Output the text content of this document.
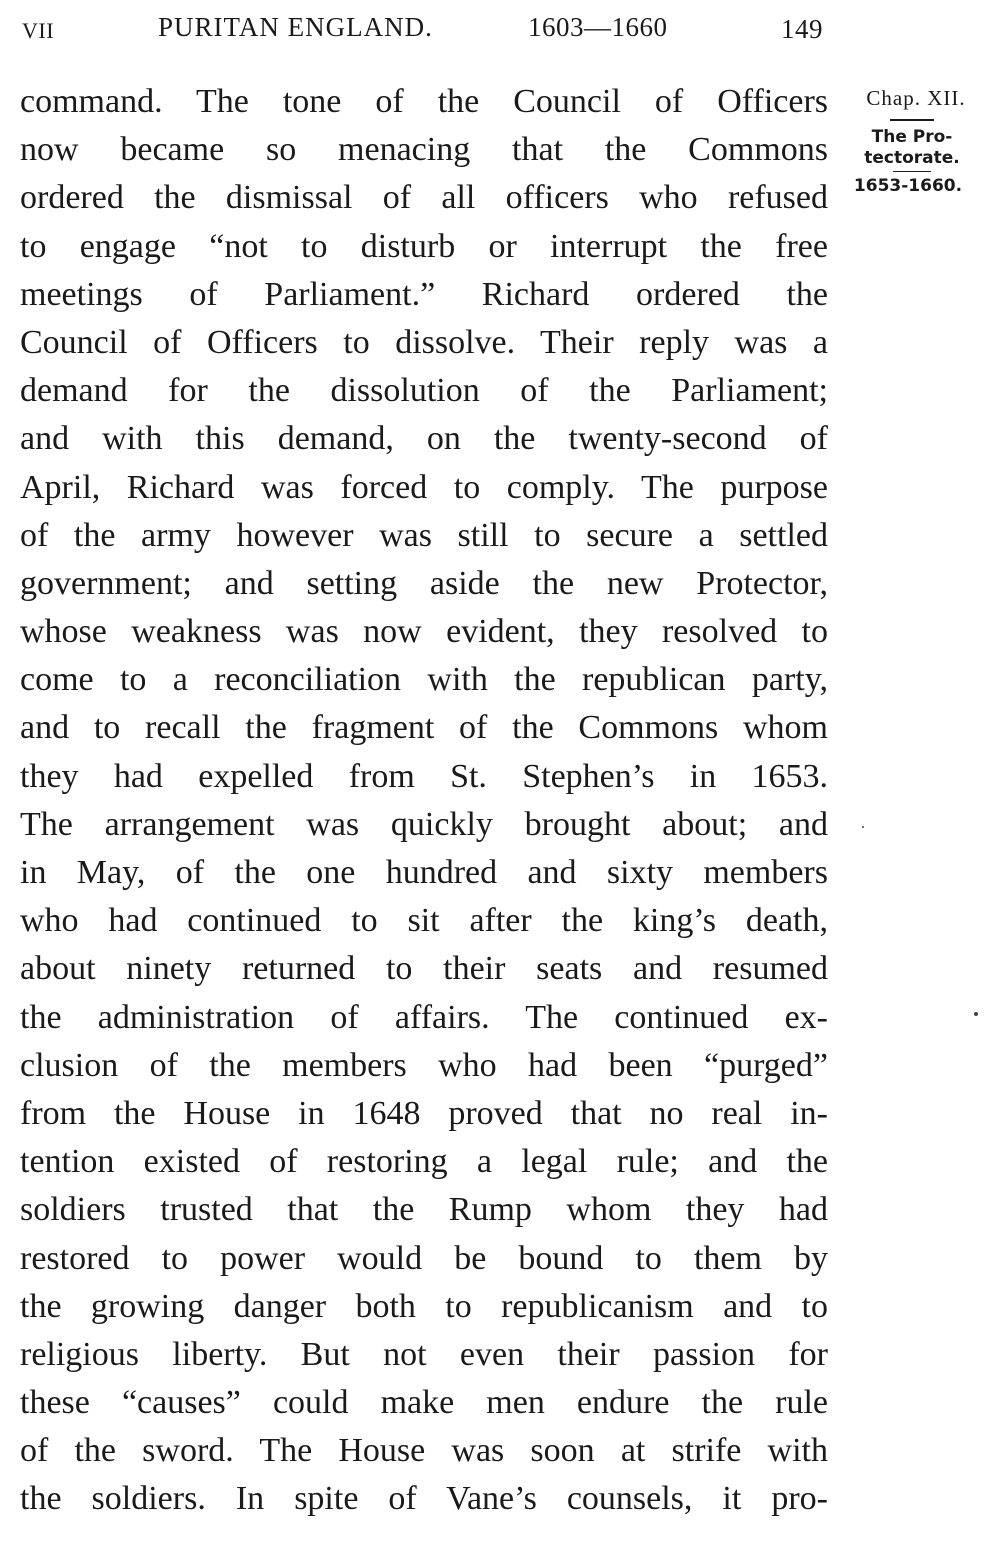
VII	PURITAN ENGLAND.	1603—1660	149
command. The tone of the Council of Officers
now became so menacing that the Commons
ordered the dismissal of all officers who refused
to engage “not to disturb or interrupt the free
meetings of Parliament.” Richard ordered the
Council of Officers to dissolve. Their reply was a
demand for the dissolution of the Parliament;
and with this demand, on the twenty-second of
April, Richard was forced to comply. The purpose
of the army however was still to secure a settled
government; and setting aside the new Protector,
whose weakness was now evident, they resolved to
come to a reconciliation with the republican party,
and to recall the fragment of the Commons whom
they had expelled from St. Stephen’s in 1653.
The arrangement was quickly brought about; and
in May, of the one hundred and sixty members
who had continued to sit after the king’s death,
about ninety returned to their seats and resumed
the administration of affairs. The continued ex-
clusion of the members who had been “purged”
from the House in 1648 proved that no real in-
tention existed of restoring a legal rule; and the
soldiers trusted that the Rump whom they had
restored to power would be bound to them by
the growing danger both to republicanism and to
religious liberty. But not even their passion for
these “causes” could make men endure the rule
of the sword. The House was soon at strife with
the soldiers. In spite of Vane’s counsels, it pro-
Chap. XII.
The Pro-
tectorate.
1653-1660.
